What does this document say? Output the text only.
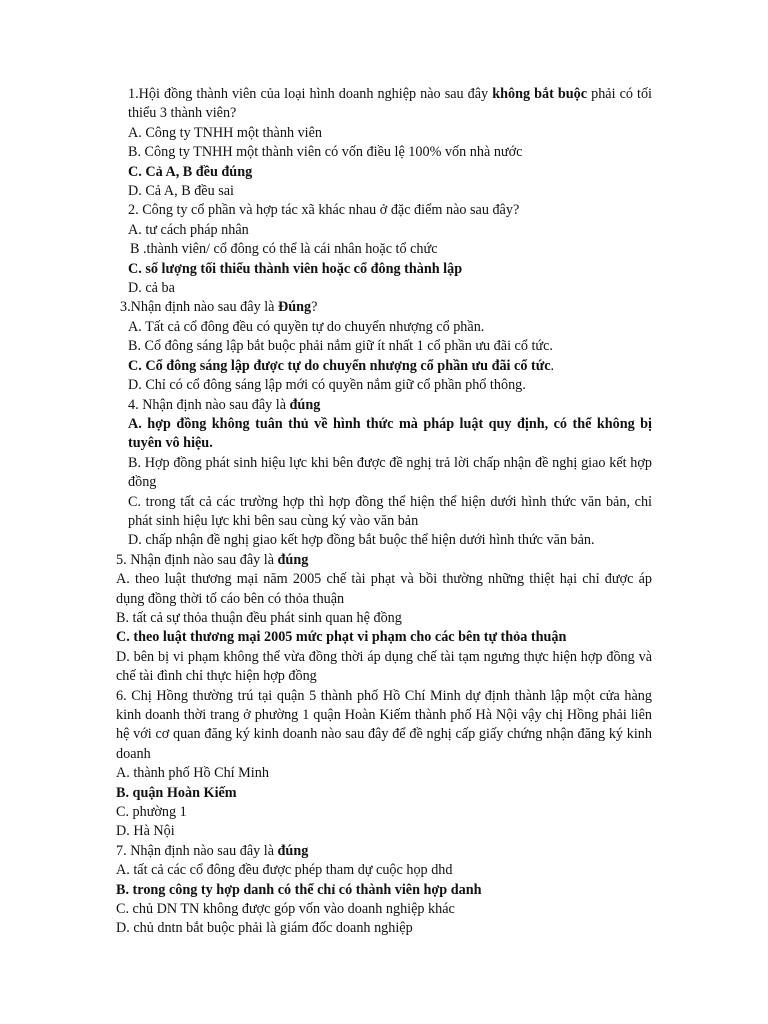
1.Hội đồng thành viên của loại hình doanh nghiệp nào sau đây không bắt buộc phải có tối thiểu 3 thành viên?
A. Công ty TNHH một thành viên
B. Công ty TNHH một thành viên có vốn điều lệ 100% vốn nhà nước
C. Cả A, B đều đúng
D. Cả A, B đều sai
2. Công ty cổ phần và hợp tác xã khác nhau ở đặc điểm nào sau đây?
A. tư cách pháp nhân
B .thành viên/ cổ đông có thể là cái nhân hoặc tổ chức
C. số lượng tối thiểu thành viên hoặc cổ đông thành lập
D. cả ba
3.Nhận định nào sau đây là Đúng?
A. Tất cả cổ đông đều có quyền tự do chuyển nhượng cổ phần.
B. Cổ đông sáng lập bắt buộc phải nắm giữ ít nhất 1 cổ phần ưu đãi cổ tức.
C. Cổ đông sáng lập được tự do chuyển nhượng cổ phần ưu đãi cổ tức.
D. Chỉ có cổ đông sáng lập mới có quyền nắm giữ cổ phần phổ thông.
4. Nhận định nào sau đây là đúng
A. hợp đồng không tuân thủ về hình thức mà pháp luật quy định, có thể không bị tuyên vô hiệu.
B. Hợp đồng phát sinh hiệu lực khi bên được đề nghị trả lời chấp nhận đề nghị giao kết hợp đồng
C. trong tất cả các trường hợp thì hợp đồng thể hiện thể hiện dưới hình thức văn bản, chỉ phát sinh hiệu lực khi bên sau cùng ký vào văn bản
D. chấp nhận đề nghị giao kết hợp đồng bắt buộc thể hiện dưới hình thức văn bản.
5. Nhận định nào sau đây là đúng
A. theo luật thương mại năm 2005 chế tài phạt và bồi thường những thiệt hại chỉ được áp dụng đồng thời tố cáo bên có thỏa thuận
B. tất cả sự thỏa thuận đều phát sinh quan hệ đồng
C. theo luật thương mại 2005 mức phạt vi phạm cho các bên tự thỏa thuận
D. bên bị vi phạm không thể vừa đồng thời áp dụng chế tài tạm ngưng thực hiện hợp đồng và chế tài đình chỉ thực hiện hợp đồng
6. Chị Hồng thường trú tại quận 5 thành phố Hồ Chí Minh dự định thành lập một cửa hàng kinh doanh thời trang ở phường 1 quận Hoàn Kiếm thành phố Hà Nội vậy chị Hồng phải liên hệ với cơ quan đăng ký kinh doanh nào sau đây để đề nghị cấp giấy chứng nhận đăng ký kinh doanh
A. thành phố Hồ Chí Minh
B. quận Hoàn Kiếm
C. phường 1
D. Hà Nội
7. Nhận định nào sau đây là đúng
A. tất cả các cổ đông đều được phép tham dự cuộc họp dhd
B. trong công ty hợp danh có thể chỉ có thành viên hợp danh
C. chủ DN TN không được góp vốn vào doanh nghiệp khác
D. chủ dntn bắt buộc phải là giám đốc doanh nghiệp
